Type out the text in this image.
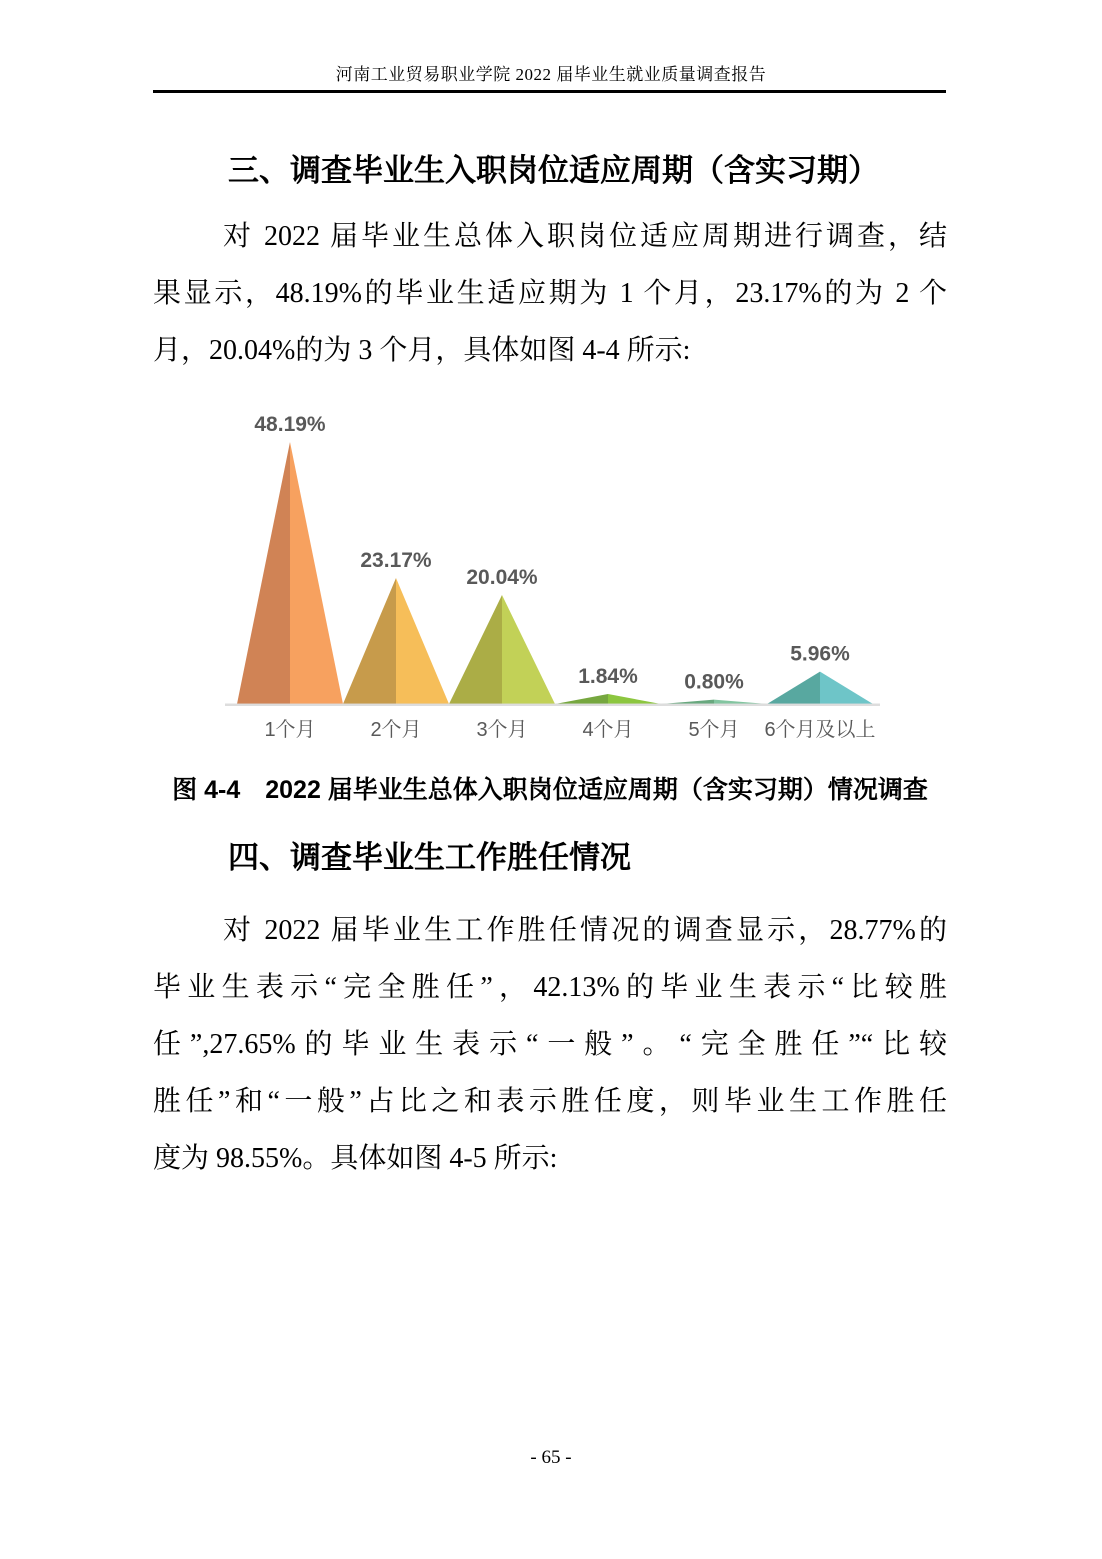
河南工业贸易职业学院 2022 届毕业生就业质量调查报告
三、调查毕业生入职岗位适应周期（含实习期）
对 2022 届毕业生总体入职岗位适应周期进行调查，结
果显示，48.19%的毕业生适应期为 1 个月，23.17%的为 2 个
月，20.04%的为 3 个月，具体如图 4-4 所示:
48.19%
1个月
23.17%
2个月
20.04%
3个月
1.84%
4个月
0.80%
5个月
5.96%
6个月及以上
图 4-4　2022 届毕业生总体入职岗位适应周期（含实习期）情况调查
四、调查毕业生工作胜任情况
对 2022 届毕业生工作胜任情况的调查显示，28.77%的
毕业生表示“完全胜任”，42.13%的毕业生表示“比较胜
任”,27.65%的毕业生表示“一般”。“完全胜任”“比较
胜任”和“一般”占比之和表示胜任度，则毕业生工作胜任
度为 98.55%。具体如图 4-5 所示:
- 65 -
